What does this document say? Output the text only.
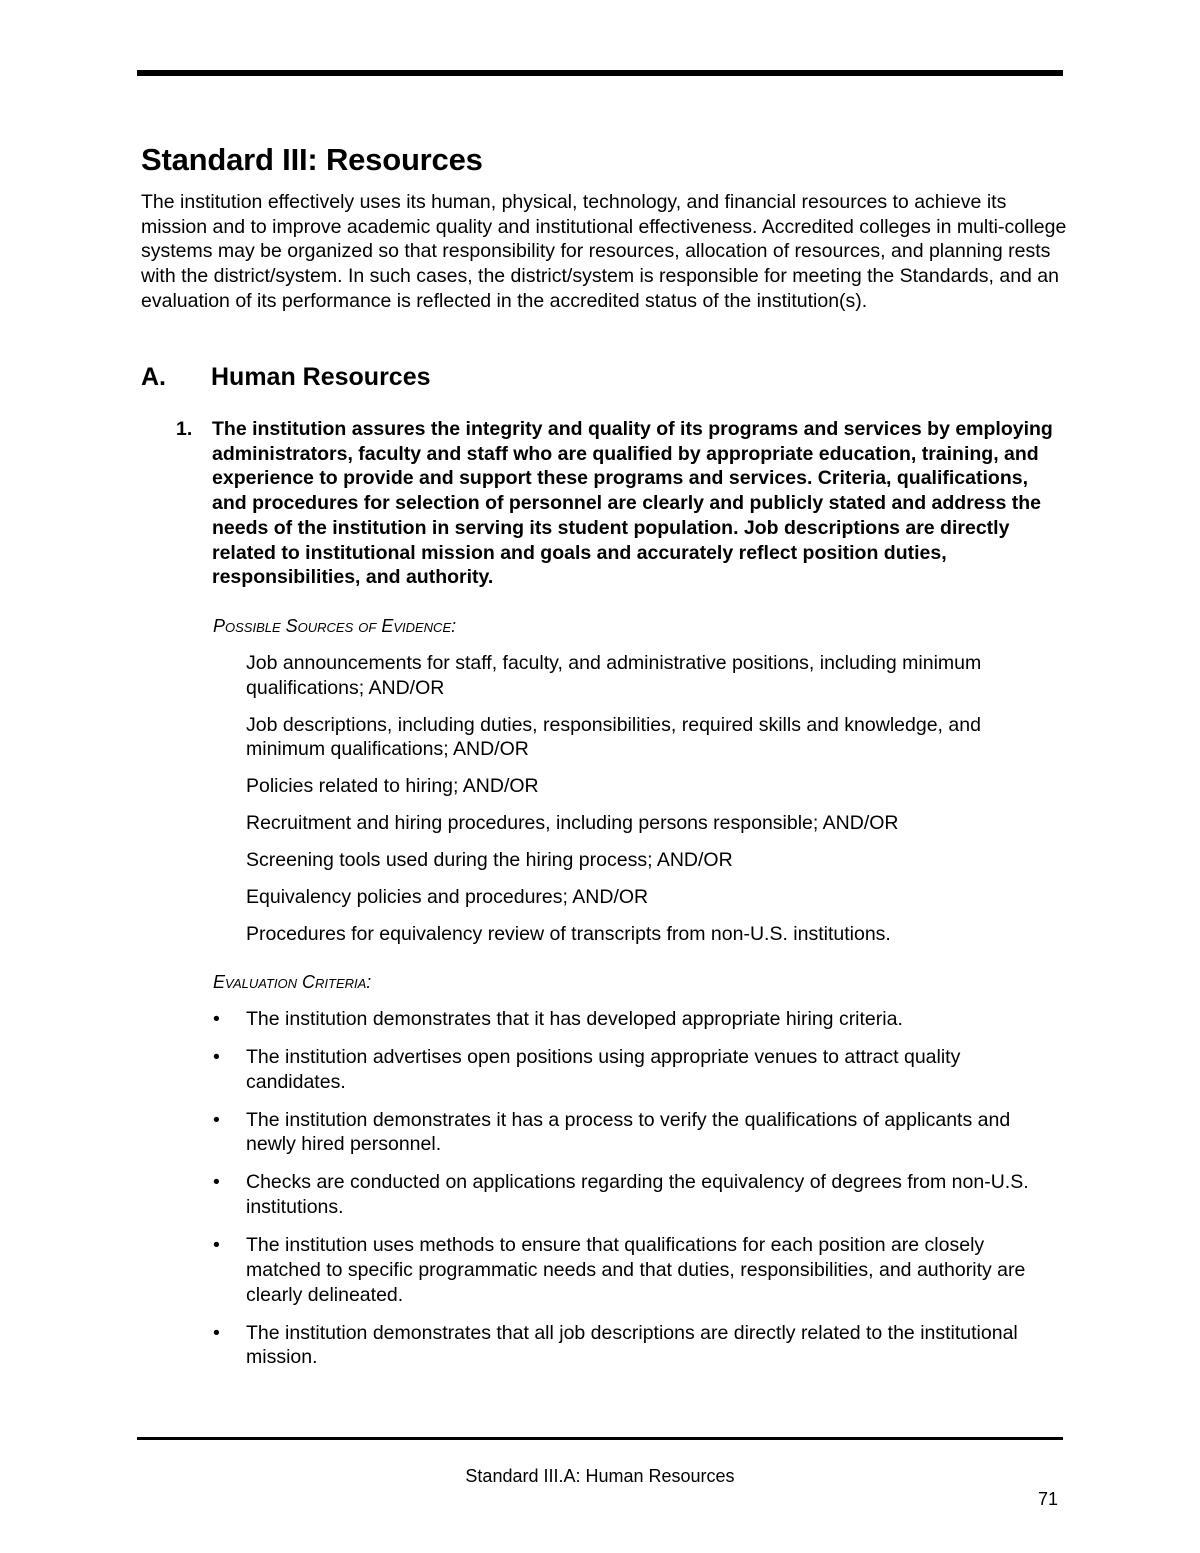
Standard III: Resources

The institution effectively uses its human, physical, technology, and financial resources to achieve its mission and to improve academic quality and institutional effectiveness. Accredited colleges in multi-college systems may be organized so that responsibility for resources, allocation of resources, and planning rests with the district/system. In such cases, the district/system is responsible for meeting the Standards, and an evaluation of its performance is reflected in the accredited status of the institution(s).

A. Human Resources
1. The institution assures the integrity and quality of its programs and services by employing administrators, faculty and staff who are qualified by appropriate education, training, and experience to provide and support these programs and services. Criteria, qualifications, and procedures for selection of personnel are clearly and publicly stated and address the needs of the institution in serving its student population. Job descriptions are directly related to institutional mission and goals and accurately reflect position duties, responsibilities, and authority.

Possible Sources of Evidence:

Job announcements for staff, faculty, and administrative positions, including minimum qualifications; AND/OR
Job descriptions, including duties, responsibilities, required skills and knowledge, and minimum qualifications; AND/OR
Policies related to hiring; AND/OR
Recruitment and hiring procedures, including persons responsible; AND/OR
Screening tools used during the hiring process; AND/OR
Equivalency policies and procedures; AND/OR
Procedures for equivalency review of transcripts from non-U.S. institutions.

Evaluation Criteria:

• The institution demonstrates that it has developed appropriate hiring criteria.
• The institution advertises open positions using appropriate venues to attract quality candidates.
• The institution demonstrates it has a process to verify the qualifications of applicants and newly hired personnel.
• Checks are conducted on applications regarding the equivalency of degrees from non-U.S. institutions.
• The institution uses methods to ensure that qualifications for each position are closely matched to specific programmatic needs and that duties, responsibilities, and authority are clearly delineated.
• The institution demonstrates that all job descriptions are directly related to the institutional mission.
Standard III.A: Human Resources
71
